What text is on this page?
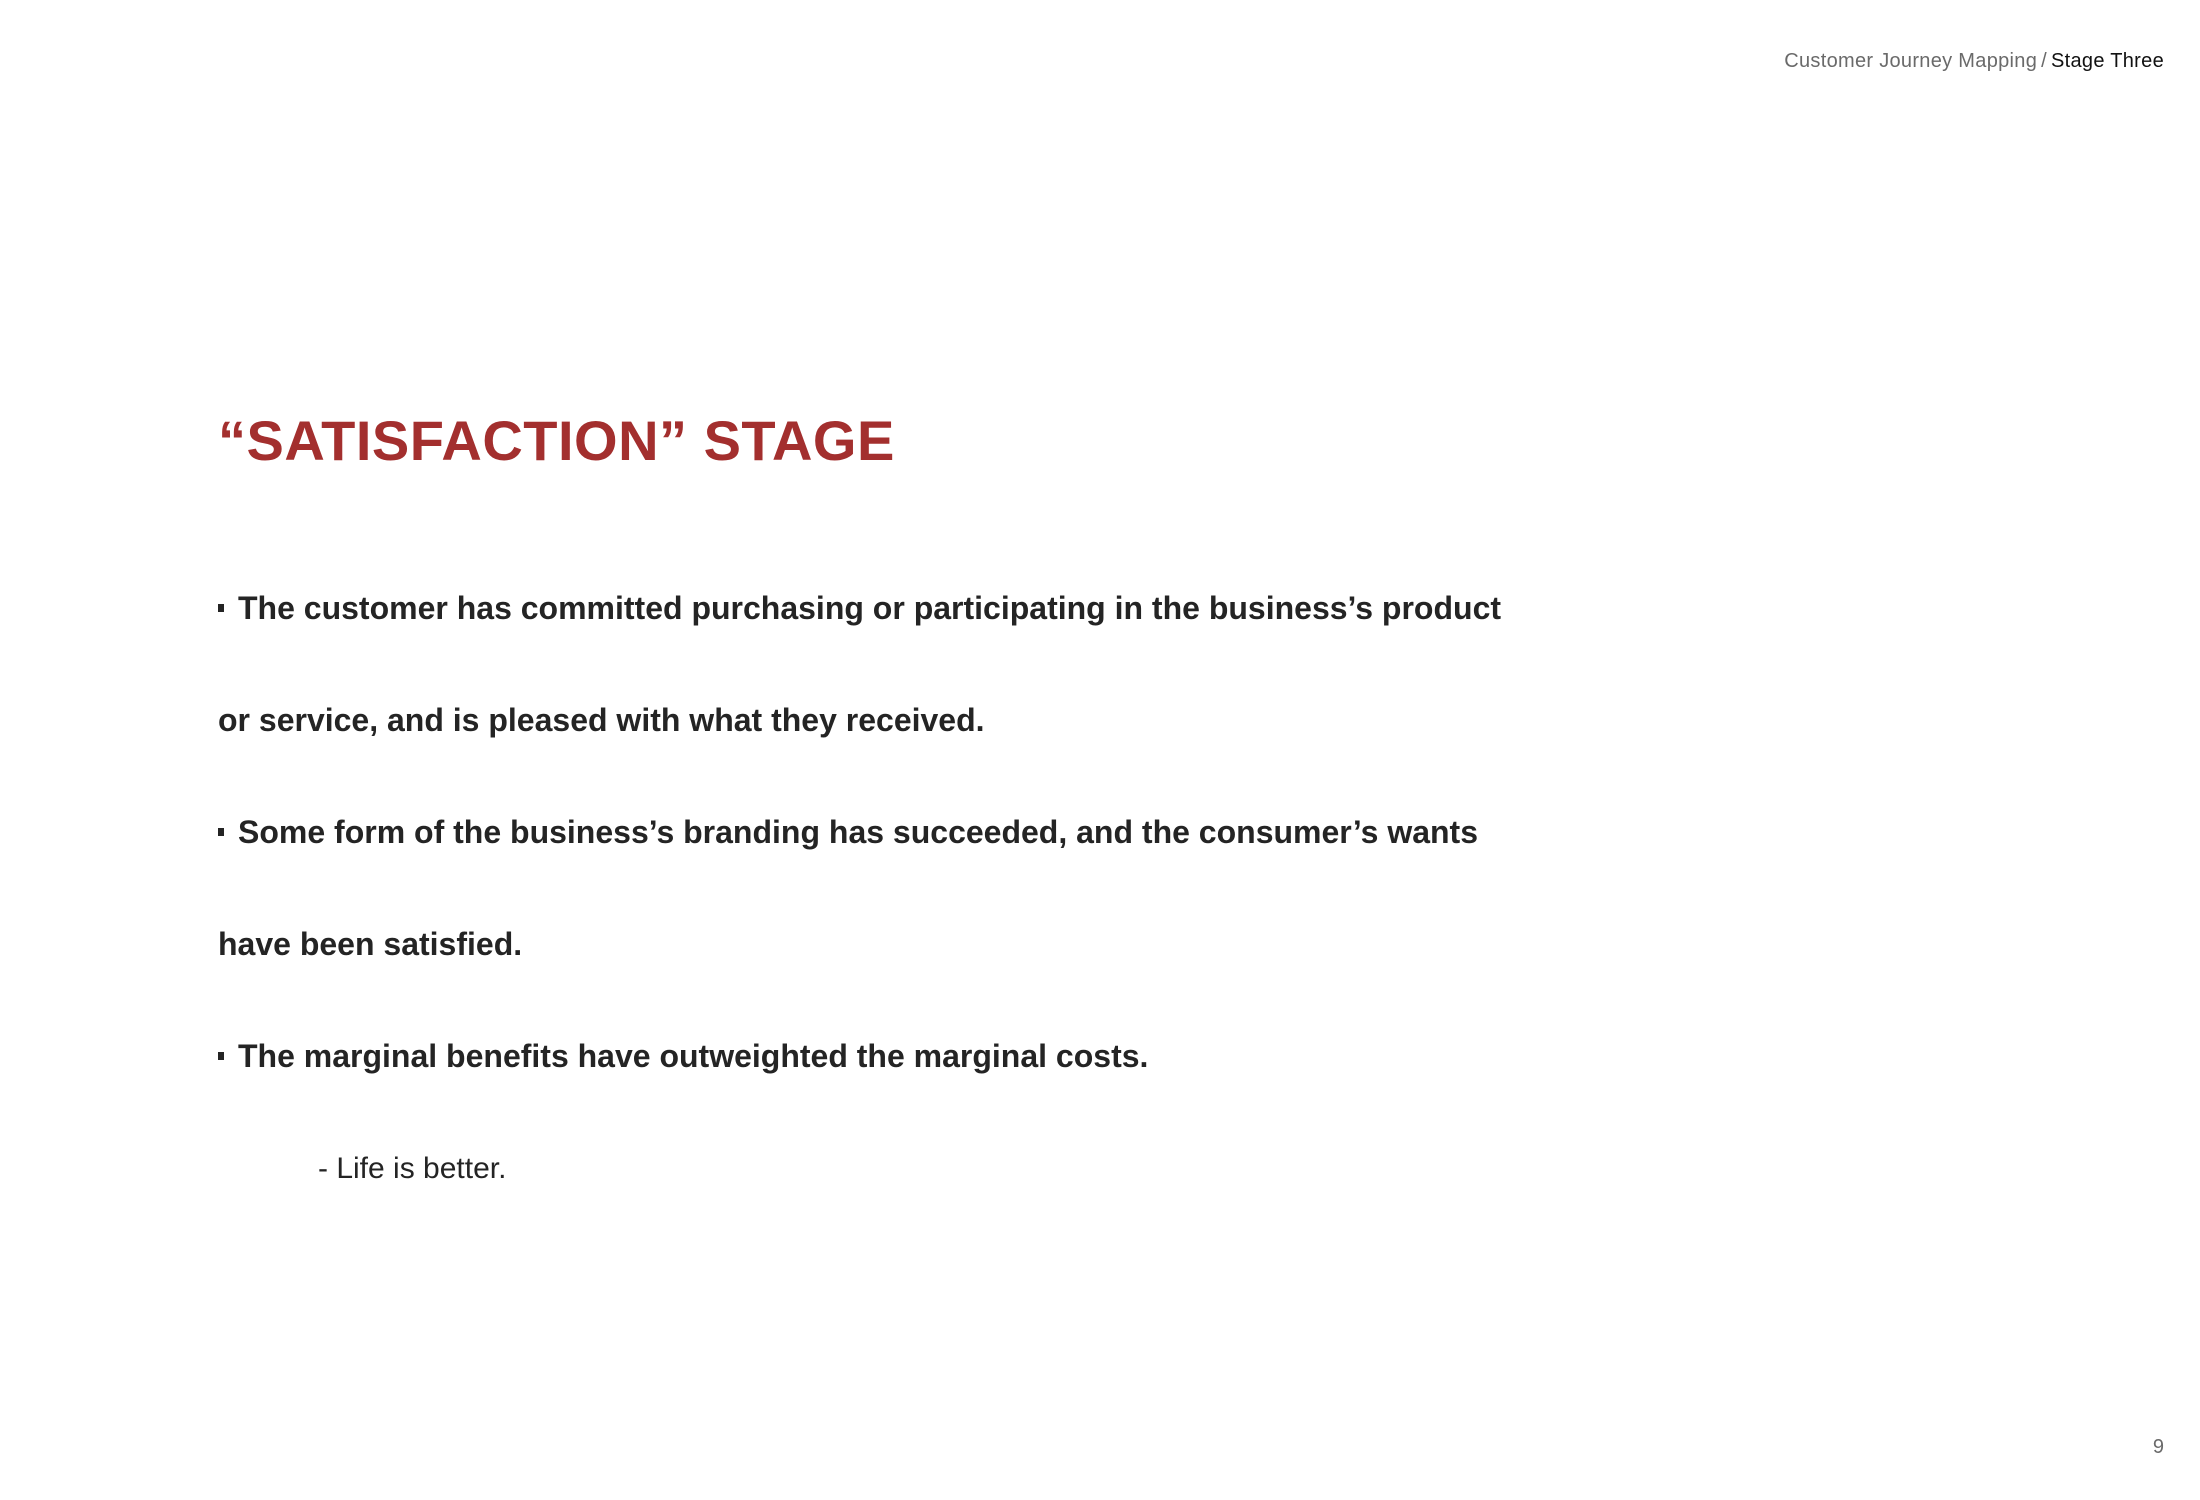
Customer Journey Mapping / Stage Three
“SATISFACTION” STAGE

The customer has committed purchasing or participating in the business’s product

or service, and is pleased with what they received.

Some form of the business’s branding has succeeded, and the consumer’s wants

have been satisfied.

The marginal benefits have outweighted the marginal costs.

- Life is better.

9
